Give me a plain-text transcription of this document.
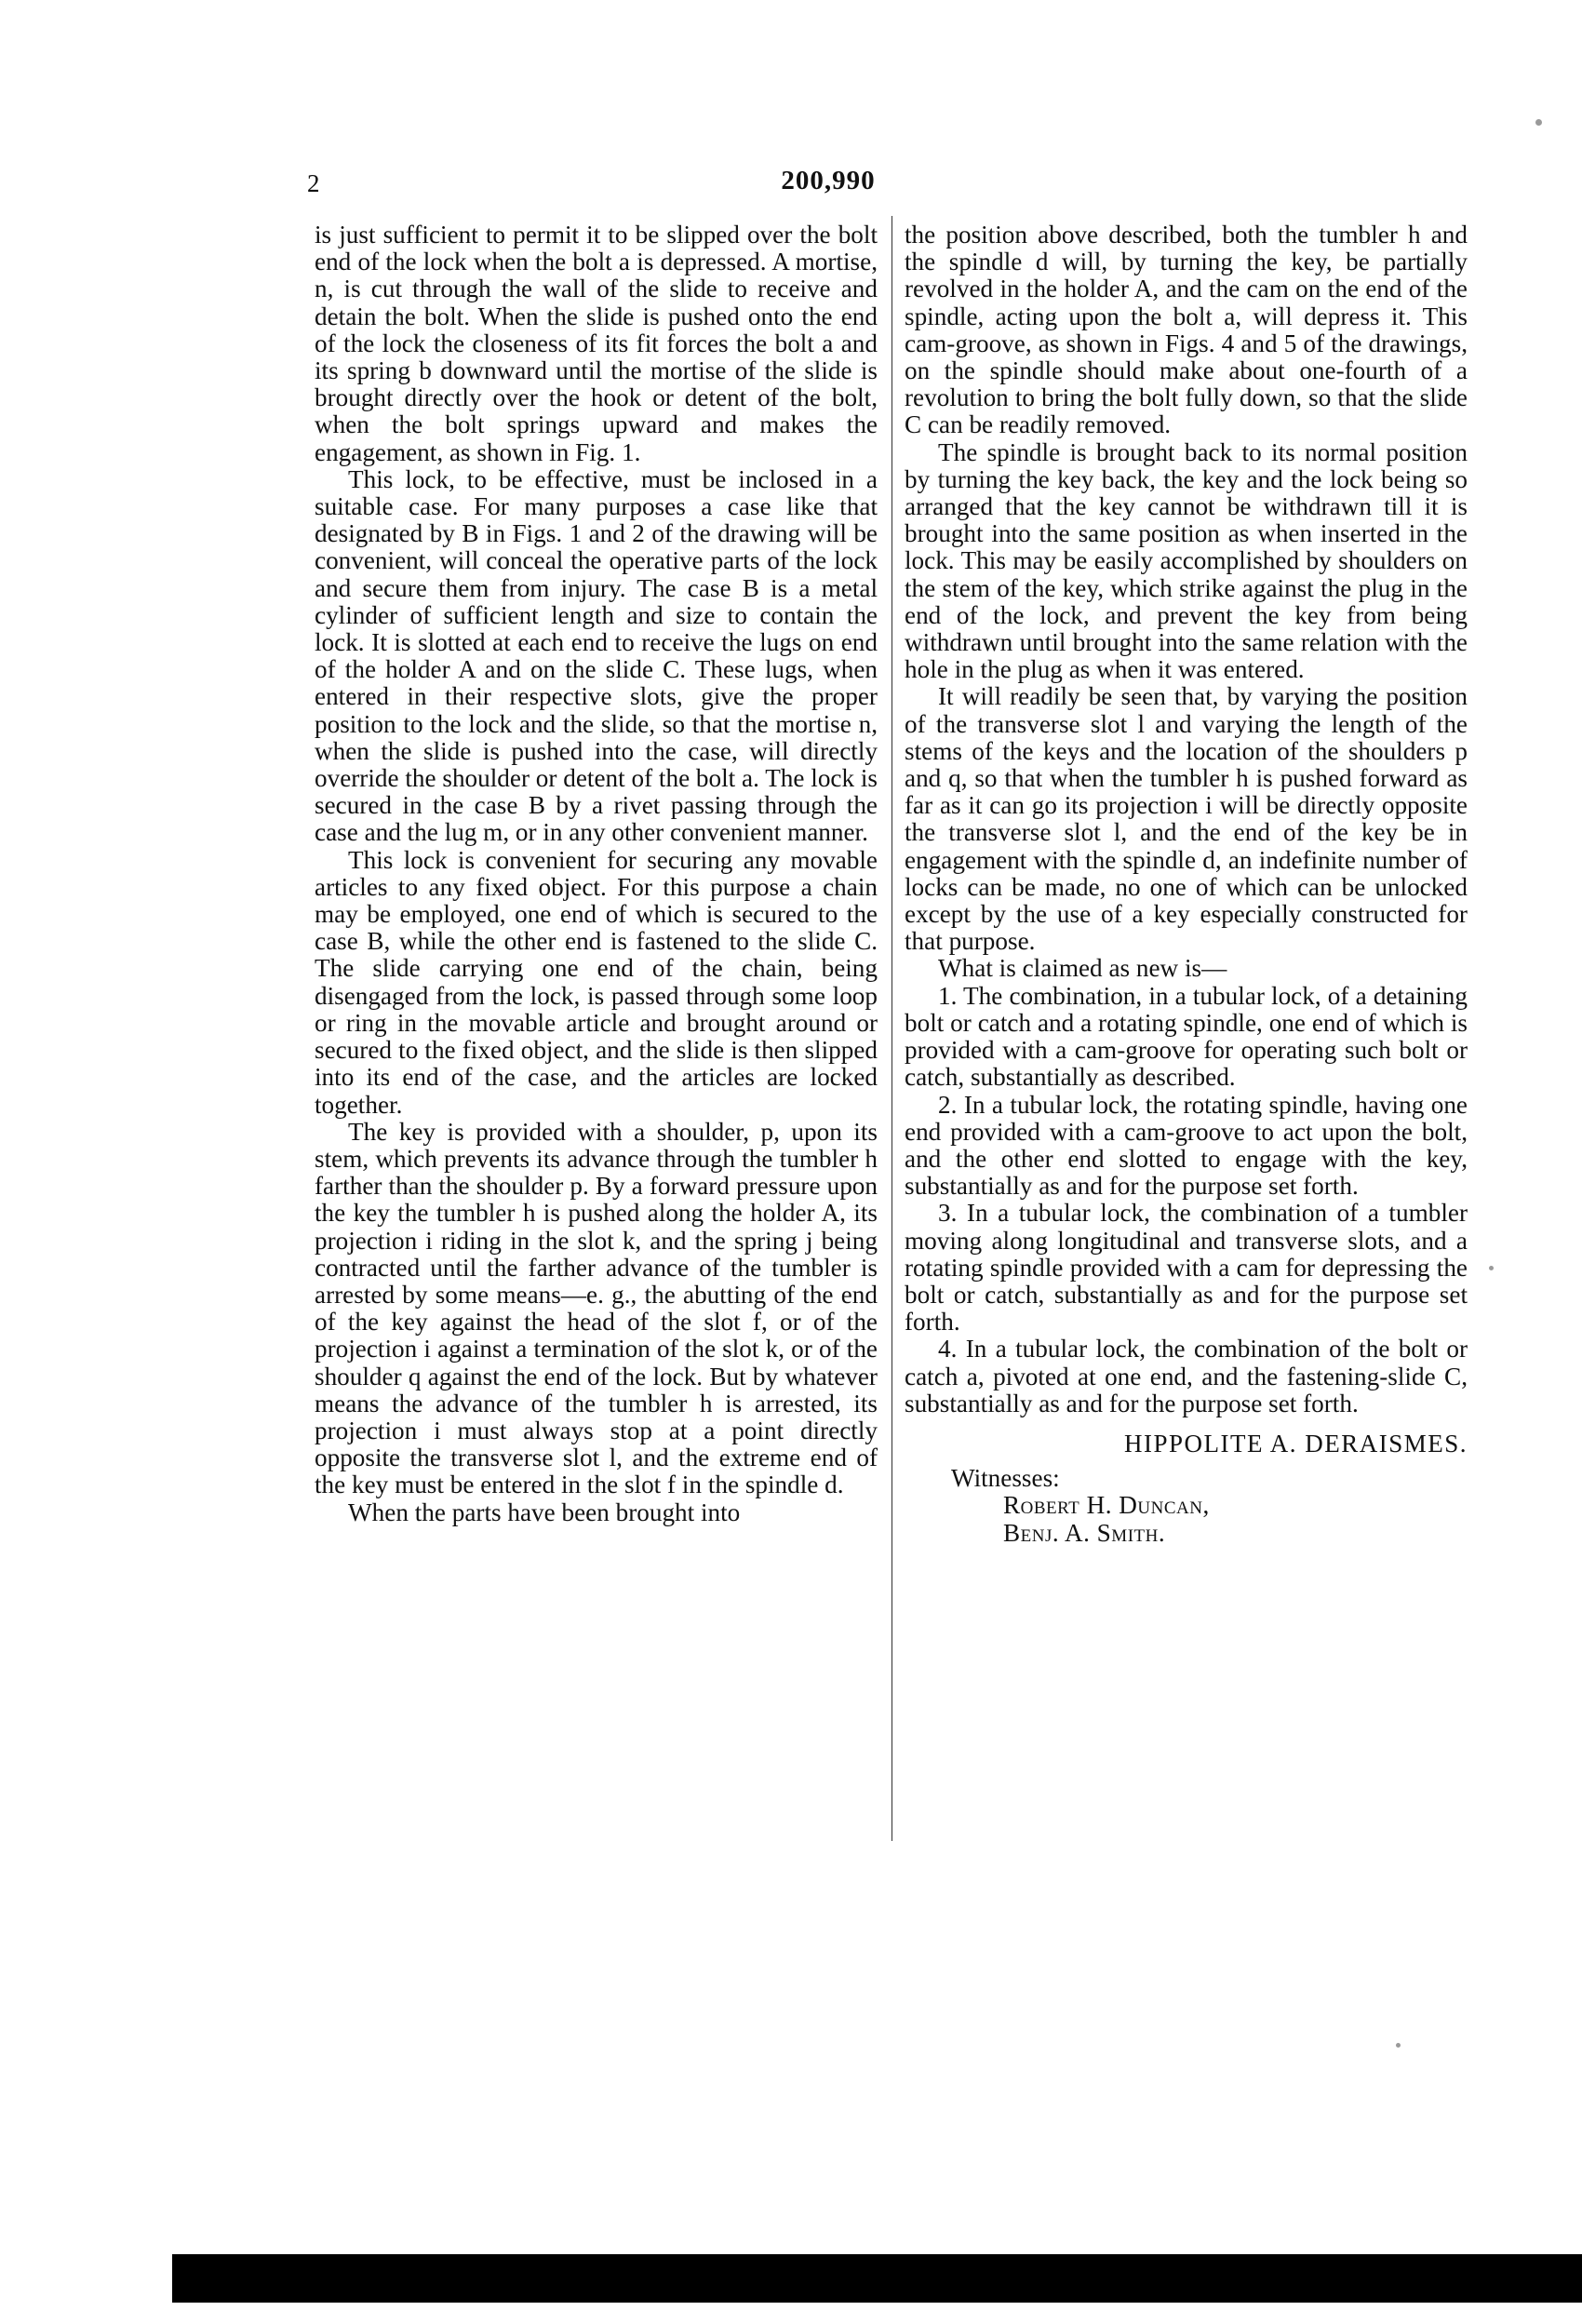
2	200,990

is just sufficient to permit it to be slipped over the bolt end of the lock when the bolt a is depressed. A mortise, n, is cut through the wall of the slide to receive and detain the bolt. When the slide is pushed onto the end of the lock the closeness of its fit forces the bolt a and its spring b downward until the mortise of the slide is brought directly over the hook or detent of the bolt, when the bolt springs upward and makes the engagement, as shown in Fig. 1.

This lock, to be effective, must be inclosed in a suitable case. For many purposes a case like that designated by B in Figs. 1 and 2 of the drawing will be convenient, will conceal the operative parts of the lock and secure them from injury. The case B is a metal cylinder of sufficient length and size to contain the lock. It is slotted at each end to receive the lugs on end of the holder A and on the slide C. These lugs, when entered in their respective slots, give the proper position to the lock and the slide, so that the mortise n, when the slide is pushed into the case, will directly override the shoulder or detent of the bolt a. The lock is secured in the case B by a rivet passing through the case and the lug m, or in any other convenient manner.

This lock is convenient for securing any movable articles to any fixed object. For this purpose a chain may be employed, one end of which is secured to the case B, while the other end is fastened to the slide C. The slide carrying one end of the chain, being disengaged from the lock, is passed through some loop or ring in the movable article and brought around or secured to the fixed object, and the slide is then slipped into its end of the case, and the articles are locked together.

The key is provided with a shoulder, p, upon its stem, which prevents its advance through the tumbler h farther than the shoulder p. By a forward pressure upon the key the tumbler h is pushed along the holder A, its projection i riding in the slot k, and the spring j being contracted until the farther advance of the tumbler is arrested by some means—e. g., the abutting of the end of the key against the head of the slot f, or of the projection i against a termination of the slot k, or of the shoulder q against the end of the lock. But by whatever means the advance of the tumbler h is arrested, its projection i must always stop at a point directly opposite the transverse slot l, and the extreme end of the key must be entered in the slot f in the spindle d.

When the parts have been brought into

the position above described, both the tumbler h and the spindle d will, by turning the key, be partially revolved in the holder A, and the cam on the end of the spindle, acting upon the bolt a, will depress it. This cam-groove, as shown in Figs. 4 and 5 of the drawings, on the spindle should make about one-fourth of a revolution to bring the bolt fully down, so that the slide C can be readily removed.

The spindle is brought back to its normal position by turning the key back, the key and the lock being so arranged that the key cannot be withdrawn till it is brought into the same position as when inserted in the lock. This may be easily accomplished by shoulders on the stem of the key, which strike against the plug in the end of the lock, and prevent the key from being withdrawn until brought into the same relation with the hole in the plug as when it was entered.

It will readily be seen that, by varying the position of the transverse slot l and varying the length of the stems of the keys and the location of the shoulders p and q, so that when the tumbler h is pushed forward as far as it can go its projection i will be directly opposite the transverse slot l, and the end of the key be in engagement with the spindle d, an indefinite number of locks can be made, no one of which can be unlocked except by the use of a key especially constructed for that purpose.

What is claimed as new is—

1. The combination, in a tubular lock, of a detaining bolt or catch and a rotating spindle, one end of which is provided with a cam-groove for operating such bolt or catch, substantially as described.

2. In a tubular lock, the rotating spindle, having one end provided with a cam-groove to act upon the bolt, and the other end slotted to engage with the key, substantially as and for the purpose set forth.

3. In a tubular lock, the combination of a tumbler moving along longitudinal and transverse slots, and a rotating spindle provided with a cam for depressing the bolt or catch, substantially as and for the purpose set forth.

4. In a tubular lock, the combination of the bolt or catch a, pivoted at one end, and the fastening-slide C, substantially as and for the purpose set forth.

HIPPOLITE A. DERAISMES.
Witnesses:
Robert H. Duncan,
Benj. A. Smith.
